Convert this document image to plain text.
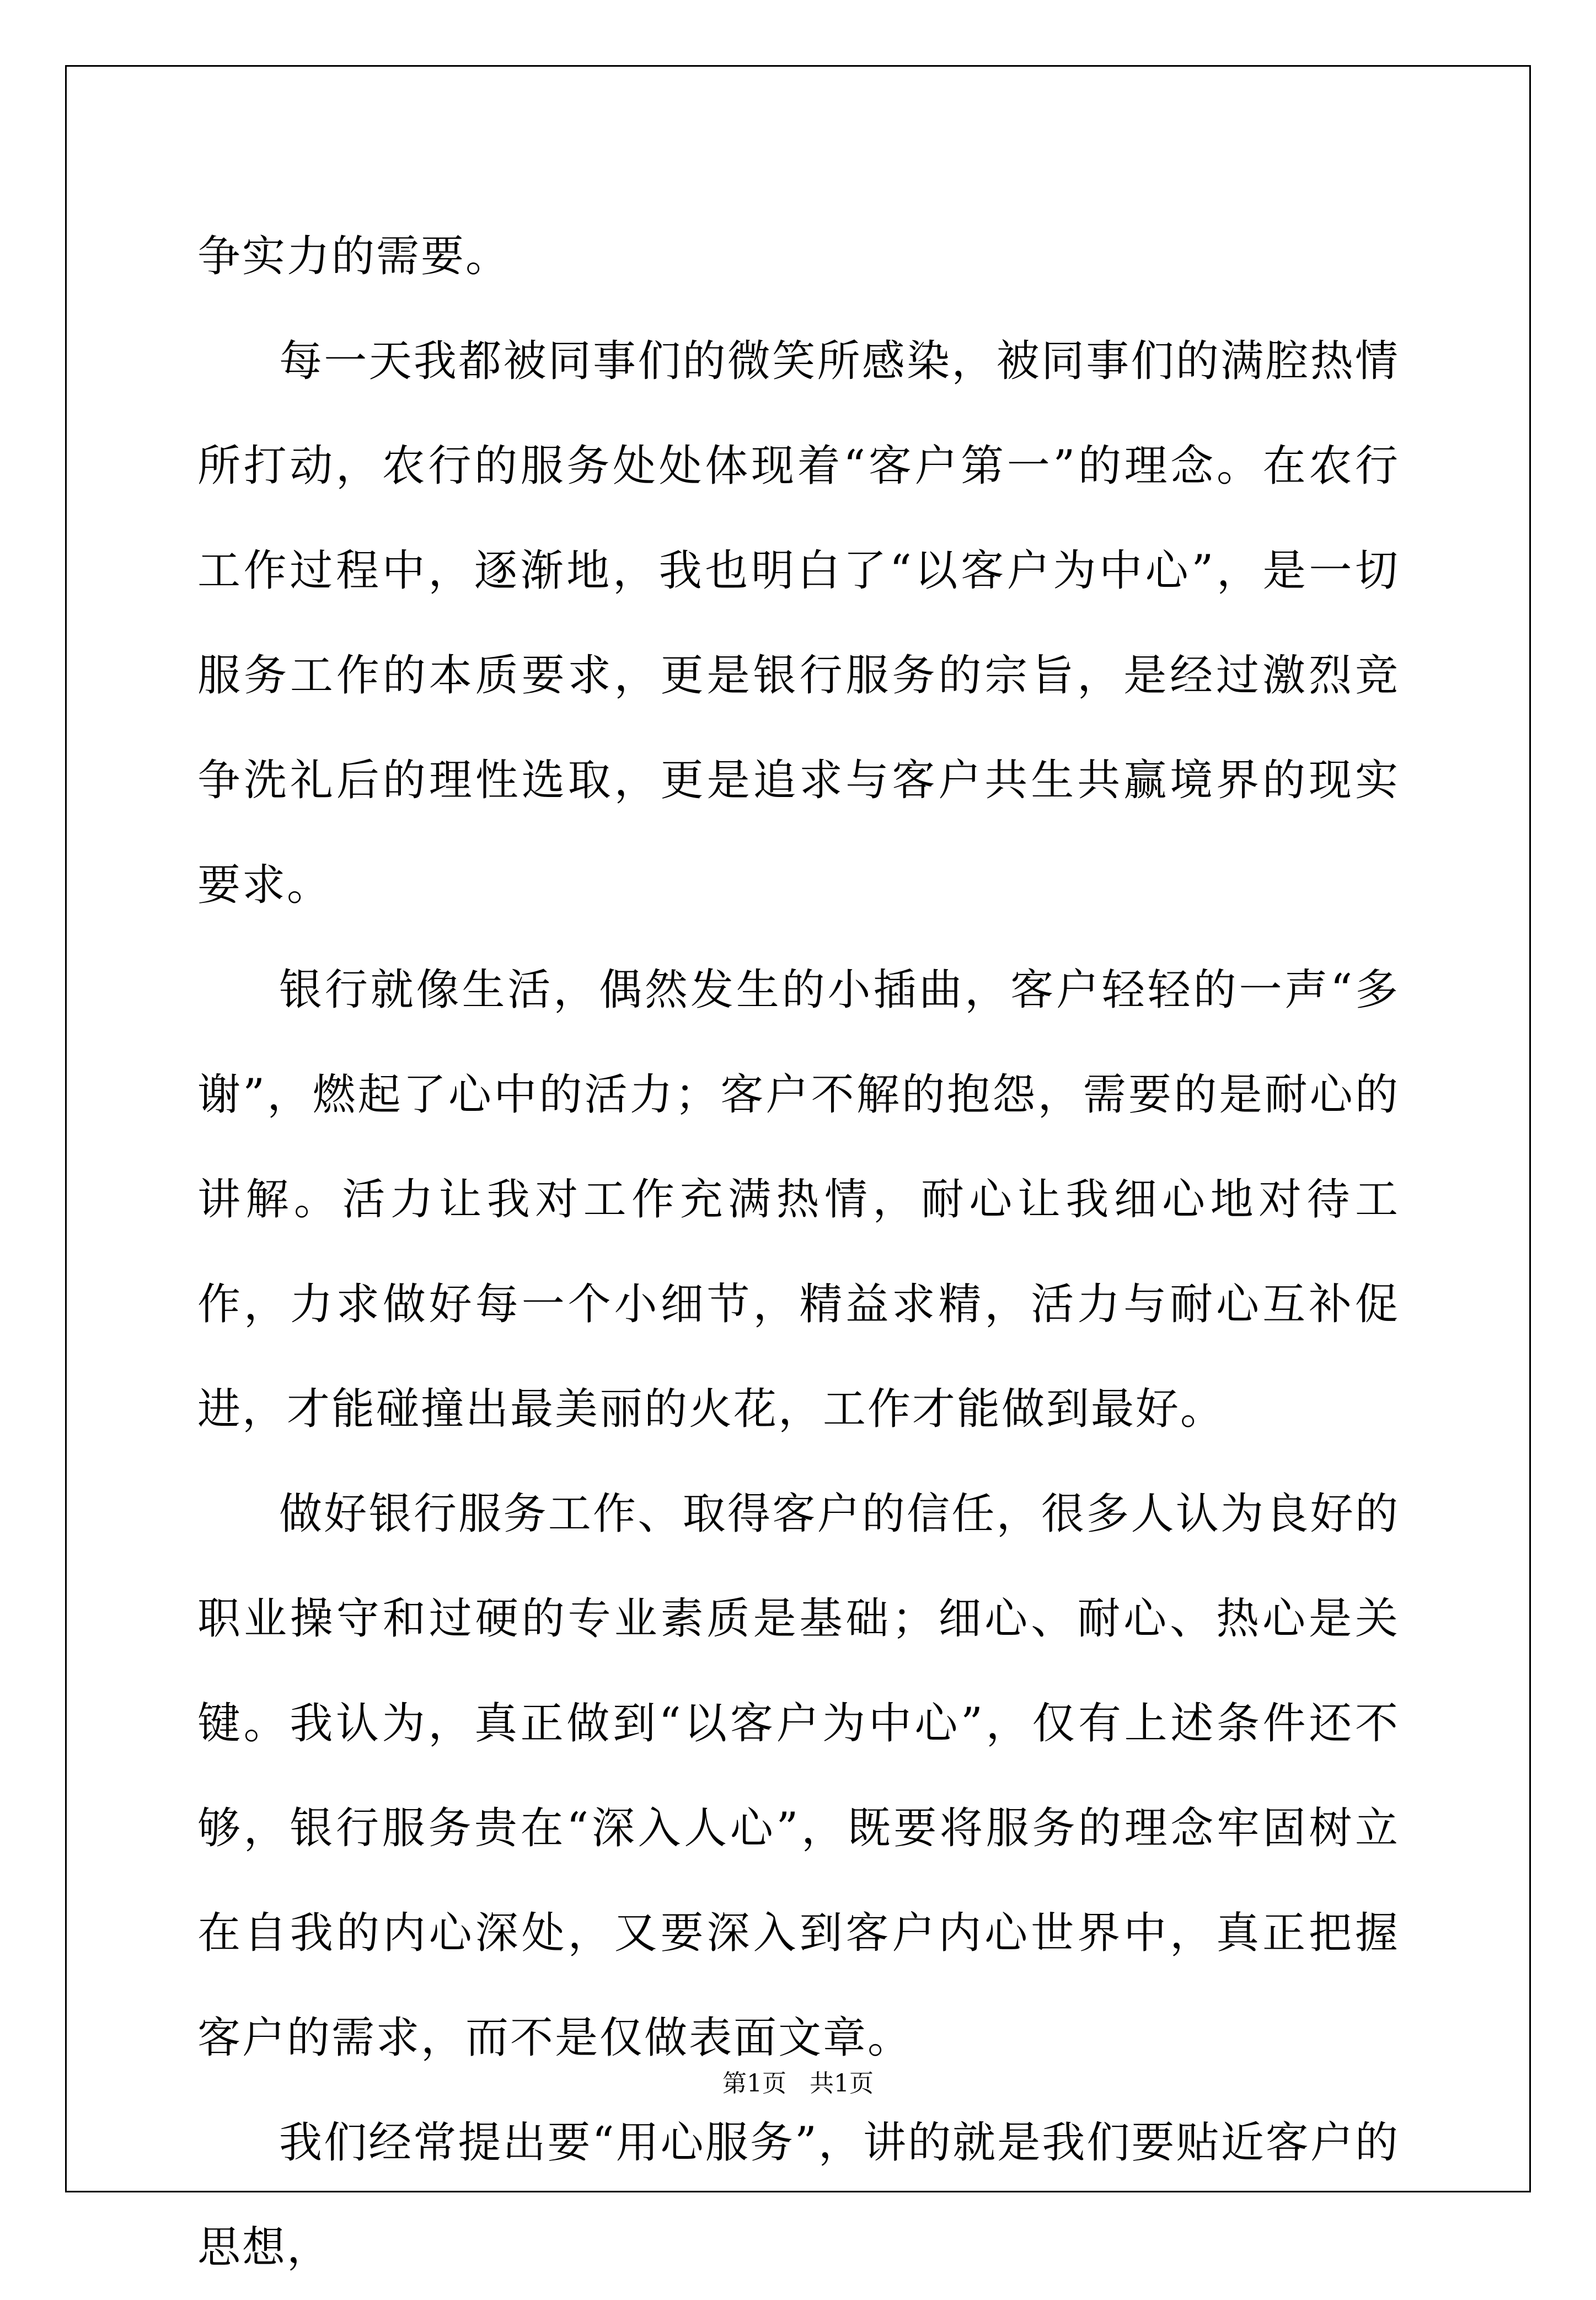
争实力的需要。

每一天我都被同事们的微笑所感染，被同事们的满腔热情所打动，农行的服务处处体现着“客户第一”的理念。在农行工作过程中，逐渐地，我也明白了“以客户为中心”，是一切服务工作的本质要求，更是银行服务的宗旨，是经过激烈竞争洗礼后的理性选取，更是追求与客户共生共赢境界的现实要求。

银行就像生活，偶然发生的小插曲，客户轻轻的一声“多谢”，燃起了心中的活力；客户不解的抱怨，需要的是耐心的讲解。活力让我对工作充满热情，耐心让我细心地对待工作，力求做好每一个小细节，精益求精，活力与耐心互补促进，才能碰撞出最美丽的火花，工作才能做到最好。

做好银行服务工作、取得客户的信任，很多人认为良好的职业操守和过硬的专业素质是基础；细心、耐心、热心是关键。我认为，真正做到“以客户为中心”，仅有上述条件还不够，银行服务贵在“深入人心”，既要将服务的理念牢固树立在自我的内心深处，又要深入到客户内心世界中，真正把握客户的需求，而不是仅做表面文章。

我们经常提出要“用心服务”，讲的就是我们要贴近客户的思想，

第1页 共1页
